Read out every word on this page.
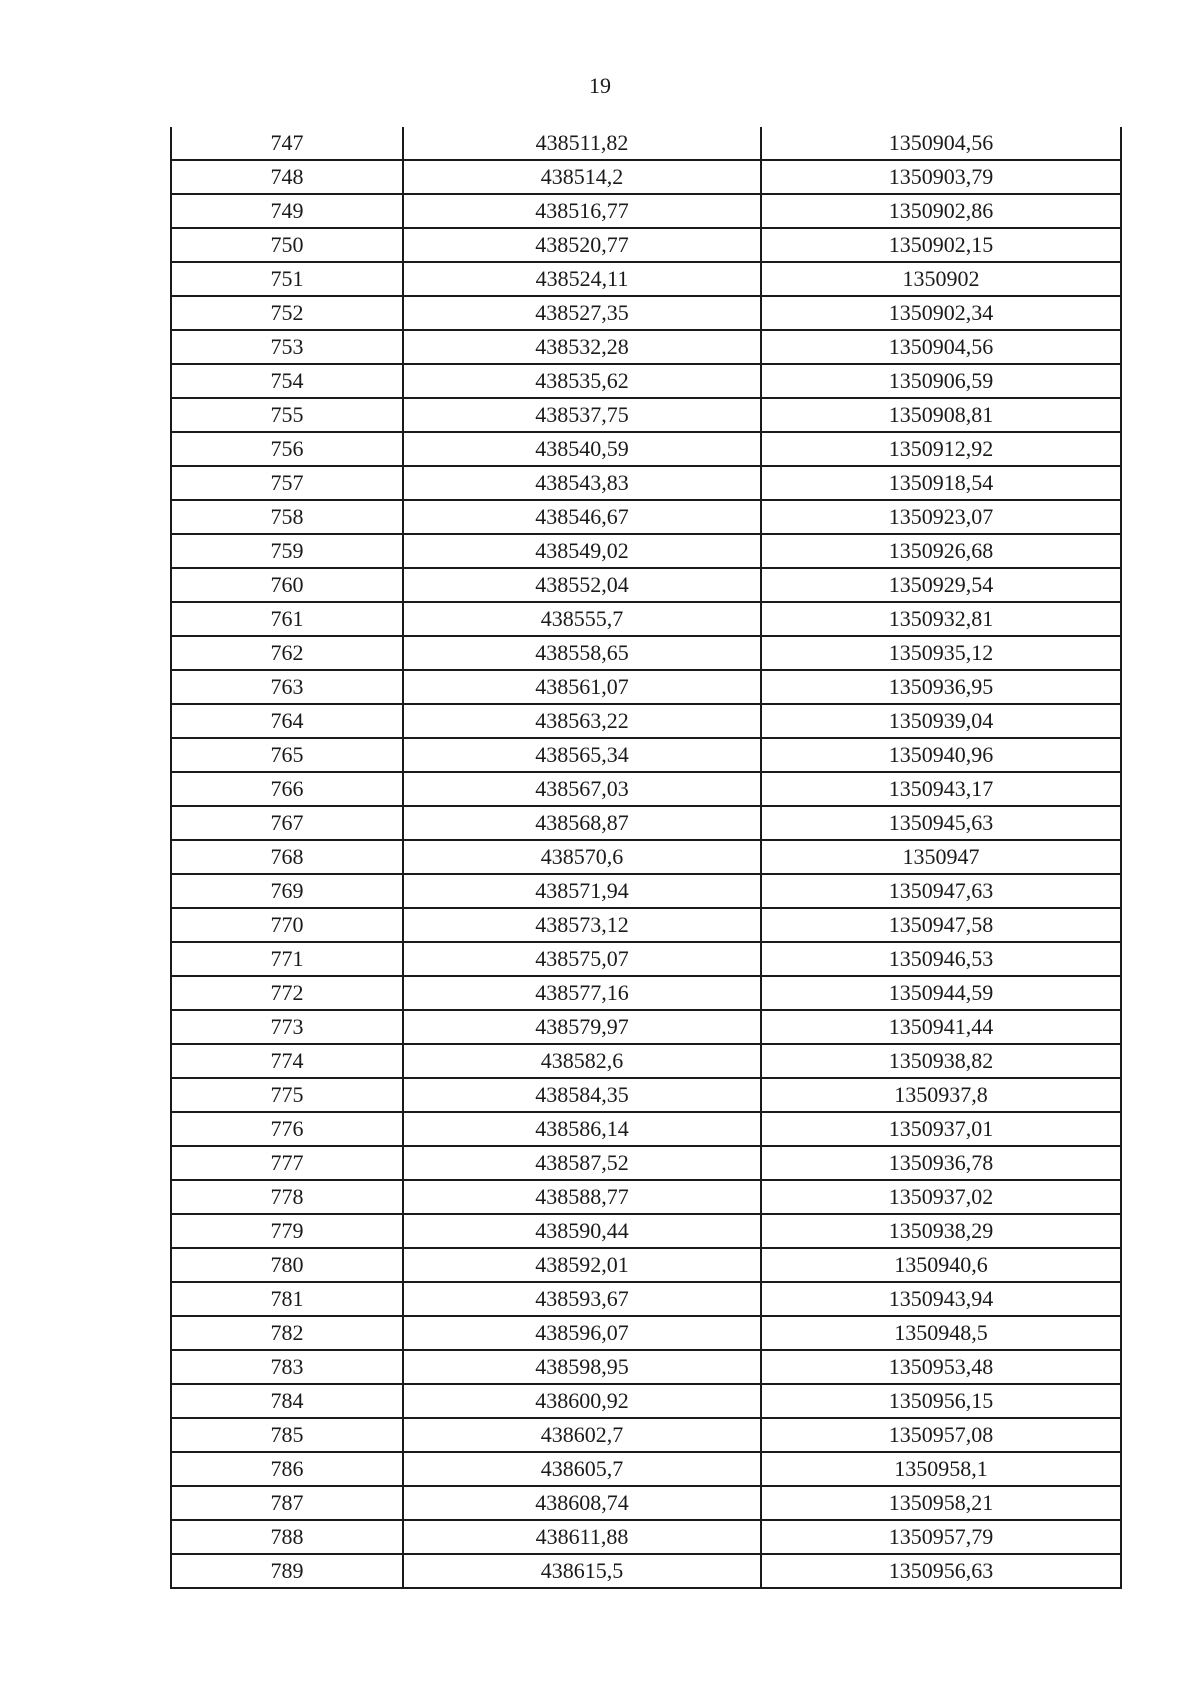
19
747	438511,82	1350904,56
748	438514,2	1350903,79
749	438516,77	1350902,86
750	438520,77	1350902,15
751	438524,11	1350902
752	438527,35	1350902,34
753	438532,28	1350904,56
754	438535,62	1350906,59
755	438537,75	1350908,81
756	438540,59	1350912,92
757	438543,83	1350918,54
758	438546,67	1350923,07
759	438549,02	1350926,68
760	438552,04	1350929,54
761	438555,7	1350932,81
762	438558,65	1350935,12
763	438561,07	1350936,95
764	438563,22	1350939,04
765	438565,34	1350940,96
766	438567,03	1350943,17
767	438568,87	1350945,63
768	438570,6	1350947
769	438571,94	1350947,63
770	438573,12	1350947,58
771	438575,07	1350946,53
772	438577,16	1350944,59
773	438579,97	1350941,44
774	438582,6	1350938,82
775	438584,35	1350937,8
776	438586,14	1350937,01
777	438587,52	1350936,78
778	438588,77	1350937,02
779	438590,44	1350938,29
780	438592,01	1350940,6
781	438593,67	1350943,94
782	438596,07	1350948,5
783	438598,95	1350953,48
784	438600,92	1350956,15
785	438602,7	1350957,08
786	438605,7	1350958,1
787	438608,74	1350958,21
788	438611,88	1350957,79
789	438615,5	1350956,63
